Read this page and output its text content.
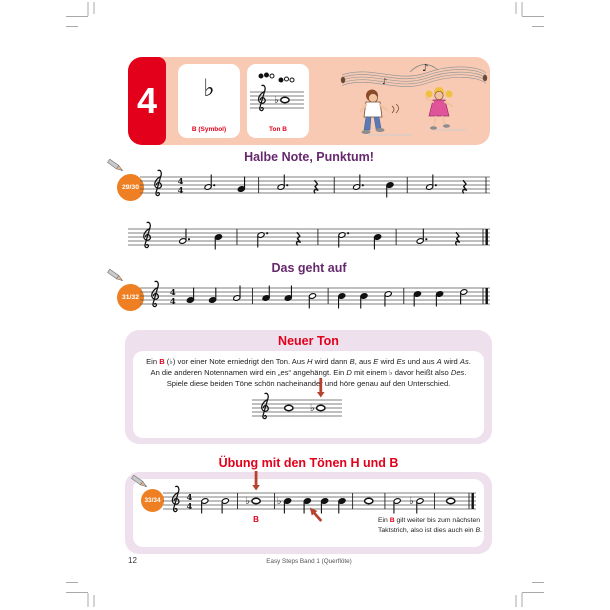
4	♭
B (Symbol)
♭
Ton B
♪
♪
Halbe Note, Punktum!
29/30
4
4
Das geht auf
31/32
4
4
Neuer Ton
Ein B (♭) vor einer Note erniedrigt den Ton. Aus H wird dann B, aus E wird Es und aus A wird As.
An die anderen Notennamen wird ein „es“ angehängt. Ein D mit einem ♭ davor heißt also Des.
Spiele diese beiden Töne schön nacheinander und höre genau auf den Unterschied.
♭
Übung mit den Tönen H und B
33/34	4
4	♭
B
♭	♭
Ein B gilt weiter bis zum nächsten
Taktstrich, also ist dies auch ein B.
12	Easy Steps Band 1 (Querflöte)
